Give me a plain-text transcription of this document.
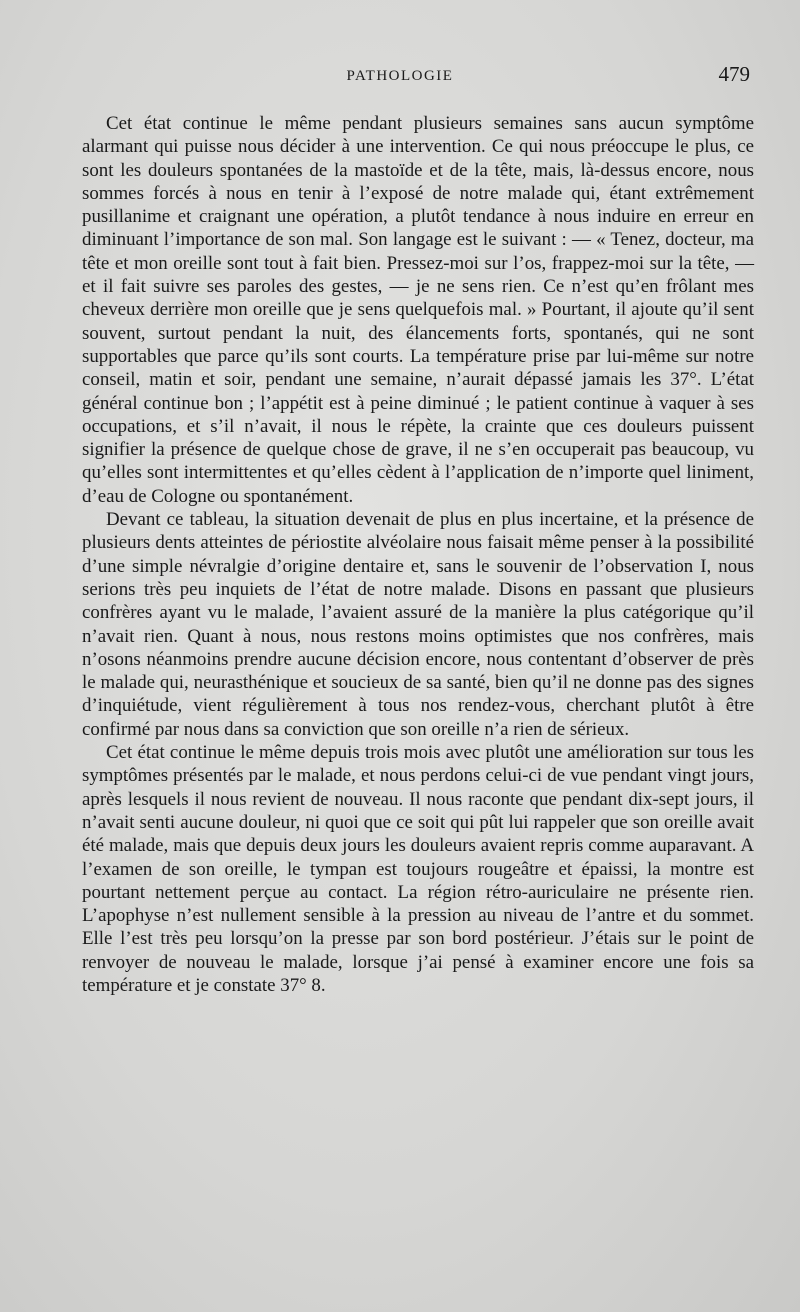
PATHOLOGIE	479

Cet état continue le même pendant plusieurs semaines sans aucun symptôme alarmant qui puisse nous décider à une intervention. Ce qui nous préoccupe le plus, ce sont les douleurs spontanées de la mastoïde et de la tête, mais, là-dessus encore, nous sommes forcés à nous en tenir à l’exposé de notre malade qui, étant extrêmement pusillanime et craignant une opération, a plutôt tendance à nous induire en erreur en diminuant l’importance de son mal. Son langage est le suivant : — « Tenez, docteur, ma tête et mon oreille sont tout à fait bien. Pressez-moi sur l’os, frappez-moi sur la tête, — et il fait suivre ses paroles des gestes, — je ne sens rien. Ce n’est qu’en frôlant mes cheveux derrière mon oreille que je sens quelquefois mal. » Pourtant, il ajoute qu’il sent souvent, surtout pendant la nuit, des élancements forts, spontanés, qui ne sont supportables que parce qu’ils sont courts. La température prise par lui-même sur notre conseil, matin et soir, pendant une semaine, n’aurait dépassé jamais les 37°. L’état général continue bon ; l’appétit est à peine diminué ; le patient continue à vaquer à ses occupations, et s’il n’avait, il nous le répète, la crainte que ces douleurs puissent signifier la présence de quelque chose de grave, il ne s’en occuperait pas beaucoup, vu qu’elles sont intermittentes et qu’elles cèdent à l’application de n’importe quel liniment, d’eau de Cologne ou spontanément.

Devant ce tableau, la situation devenait de plus en plus incertaine, et la présence de plusieurs dents atteintes de périostite alvéolaire nous faisait même penser à la possibilité d’une simple névralgie d’origine dentaire et, sans le souvenir de l’observation I, nous serions très peu inquiets de l’état de notre malade. Disons en passant que plusieurs confrères ayant vu le malade, l’avaient assuré de la manière la plus catégorique qu’il n’avait rien. Quant à nous, nous restons moins optimistes que nos confrères, mais n’osons néanmoins prendre aucune décision encore, nous contentant d’observer de près le malade qui, neurasthénique et soucieux de sa santé, bien qu’il ne donne pas des signes d’inquiétude, vient régulièrement à tous nos rendez-vous, cherchant plutôt à être confirmé par nous dans sa conviction que son oreille n’a rien de sérieux.

Cet état continue le même depuis trois mois avec plutôt une amélioration sur tous les symptômes présentés par le malade, et nous perdons celui-ci de vue pendant vingt jours, après lesquels il nous revient de nouveau. Il nous raconte que pendant dix-sept jours, il n’avait senti aucune douleur, ni quoi que ce soit qui pût lui rappeler que son oreille avait été malade, mais que depuis deux jours les douleurs avaient repris comme auparavant. A l’examen de son oreille, le tympan est toujours rougeâtre et épaissi, la montre est pourtant nettement perçue au contact. La région rétro-auriculaire ne présente rien. L’apophyse n’est nullement sensible à la pression au niveau de l’antre et du sommet. Elle l’est très peu lorsqu’on la presse par son bord postérieur. J’étais sur le point de renvoyer de nouveau le malade, lorsque j’ai pensé à examiner encore une fois sa température et je constate 37° 8.
